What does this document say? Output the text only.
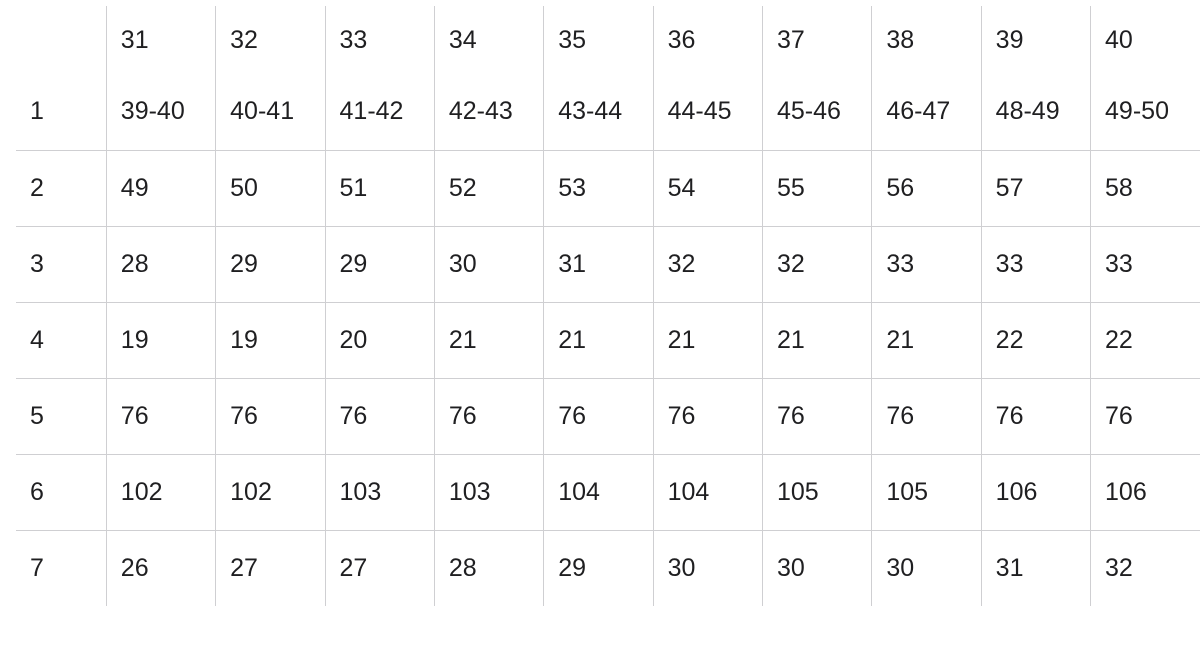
	31	32	33	34	35	36	37	38	39	40
1	39-40	40-41	41-42	42-43	43-44	44-45	45-46	46-47	48-49	49-50
2	49	50	51	52	53	54	55	56	57	58
3	28	29	29	30	31	32	32	33	33	33
4	19	19	20	21	21	21	21	21	22	22
5	76	76	76	76	76	76	76	76	76	76
6	102	102	103	103	104	104	105	105	106	106
7	26	27	27	28	29	30	30	30	31	32
